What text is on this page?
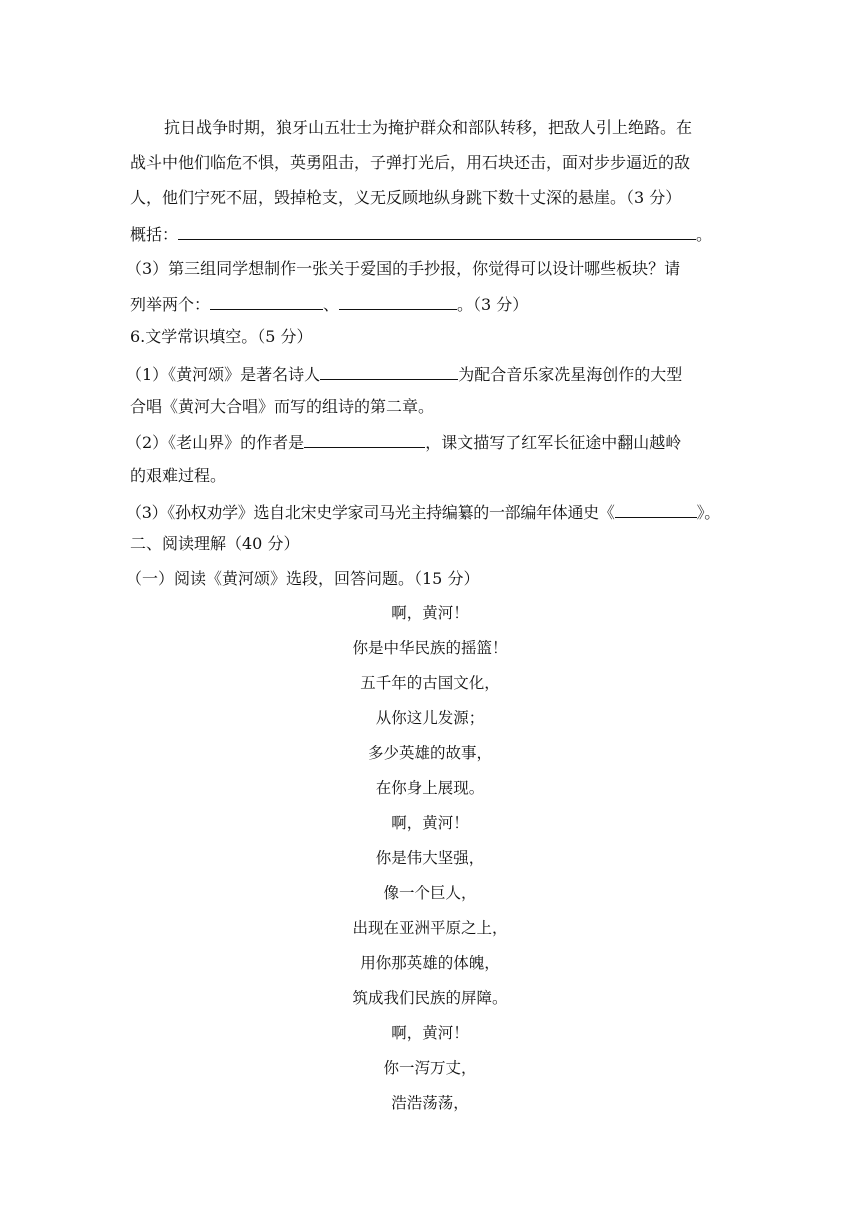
抗日战争时期，狼牙山五壮士为掩护群众和部队转移，把敌人引上绝路。在
战斗中他们临危不惧，英勇阻击，子弹打光后，用石块还击，面对步步逼近的敌
人，他们宁死不屈，毁掉枪支，义无反顾地纵身跳下数十丈深的悬崖。（3 分）
概括：	。
（3）第三组同学想制作一张关于爱国的手抄报，你觉得可以设计哪些板块？请
列举两个：	、	。（3 分）
6.文学常识填空。（5 分）
（1）《黄河颂》是著名诗人	为配合音乐家冼星海创作的大型
合唱《黄河大合唱》而写的组诗的第二章。
（2）《老山界》的作者是	，课文描写了红军长征途中翻山越岭
的艰难过程。
（3）《孙权劝学》选自北宋史学家司马光主持编纂的一部编年体通史《	》。
二、阅读理解（40 分）
（一）阅读《黄河颂》选段，回答问题。（15 分）
啊，黄河！
你是中华民族的摇篮！
五千年的古国文化，
从你这儿发源；
多少英雄的故事，
在你身上展现。
啊，黄河！
你是伟大坚强，
像一个巨人，
出现在亚洲平原之上，
用你那英雄的体魄，
筑成我们民族的屏障。
啊，黄河！
你一泻万丈，
浩浩荡荡，
